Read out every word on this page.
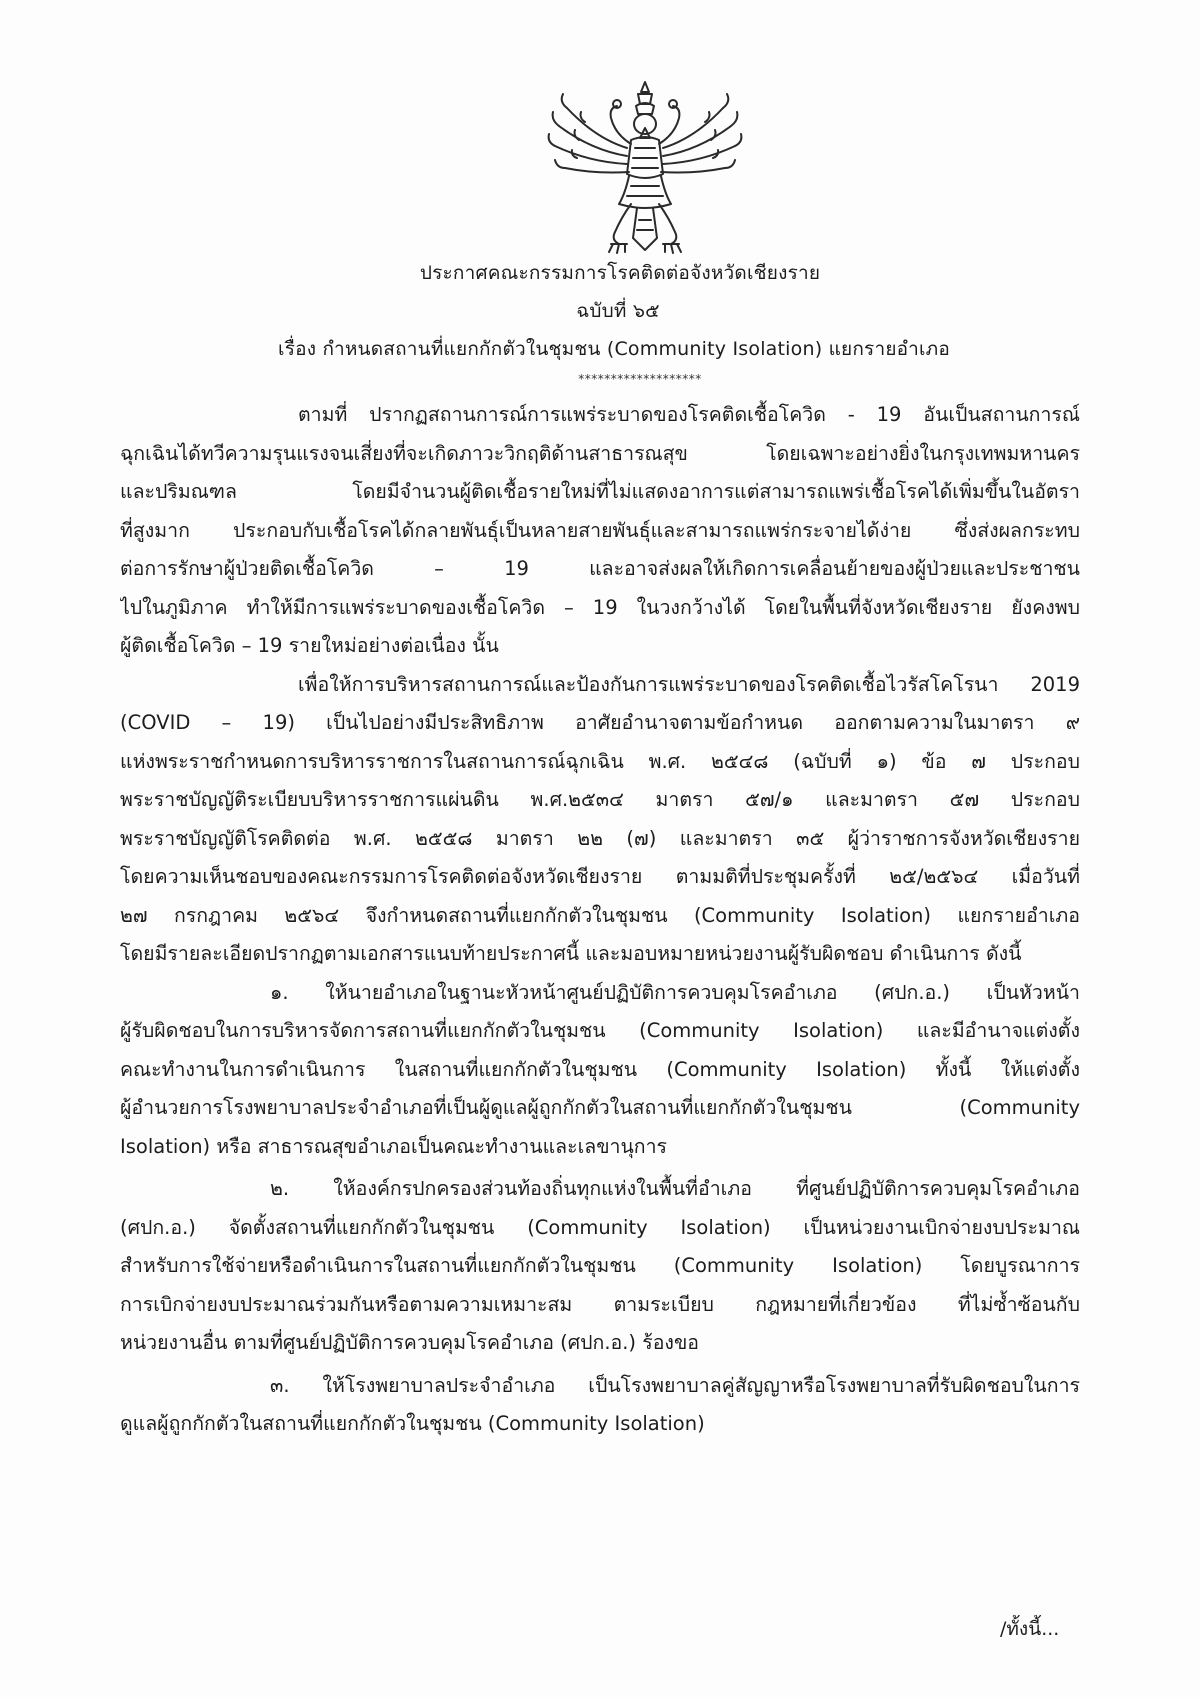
ประกาศคณะกรรมการโรคติดต่อจังหวัดเชียงราย
ฉบับที่ ๖๕
เรื่อง กำหนดสถานที่แยกกักตัวในชุมชน (Community Isolation) แยกรายอำเภอ
*******************
ตามที่ ปรากฏสถานการณ์การแพร่ระบาดของโรคติดเชื้อโควิด - 19 อันเป็นสถานการณ์
ฉุกเฉินได้ทวีความรุนแรงจนเสี่ยงที่จะเกิดภาวะวิกฤติด้านสาธารณสุข โดยเฉพาะอย่างยิ่งในกรุงเทพมหานคร
และปริมณฑล โดยมีจำนวนผู้ติดเชื้อรายใหม่ที่ไม่แสดงอาการแต่สามารถแพร่เชื้อโรคได้เพิ่มขึ้นในอัตรา
ที่สูงมาก ประกอบกับเชื้อโรคได้กลายพันธุ์เป็นหลายสายพันธุ์และสามารถแพร่กระจายได้ง่าย ซึ่งส่งผลกระทบ
ต่อการรักษาผู้ป่วยติดเชื้อโควิด – 19 และอาจส่งผลให้เกิดการเคลื่อนย้ายของผู้ป่วยและประชาชน
ไปในภูมิภาค ทำให้มีการแพร่ระบาดของเชื้อโควิด – 19 ในวงกว้างได้ โดยในพื้นที่จังหวัดเชียงราย ยังคงพบ
ผู้ติดเชื้อโควิด – 19 รายใหม่อย่างต่อเนื่อง นั้น
เพื่อให้การบริหารสถานการณ์และป้องกันการแพร่ระบาดของโรคติดเชื้อไวรัสโคโรนา 2019
(COVID – 19) เป็นไปอย่างมีประสิทธิภาพ อาศัยอำนาจตามข้อกำหนด ออกตามความในมาตรา ๙
แห่งพระราชกำหนดการบริหารราชการในสถานการณ์ฉุกเฉิน พ.ศ. ๒๕๔๘ (ฉบับที่ ๑) ข้อ ๗ ประกอบ
พระราชบัญญัติระเบียบบริหารราชการแผ่นดิน พ.ศ.๒๕๓๔ มาตรา ๕๗/๑ และมาตรา ๕๗ ประกอบ
พระราชบัญญัติโรคติดต่อ พ.ศ. ๒๕๕๘ มาตรา ๒๒ (๗) และมาตรา ๓๕ ผู้ว่าราชการจังหวัดเชียงราย
โดยความเห็นชอบของคณะกรรมการโรคติดต่อจังหวัดเชียงราย ตามมติที่ประชุมครั้งที่ ๒๕/๒๕๖๔ เมื่อวันที่
๒๗ กรกฎาคม ๒๕๖๔ จึงกำหนดสถานที่แยกกักตัวในชุมชน (Community Isolation) แยกรายอำเภอ
โดยมีรายละเอียดปรากฏตามเอกสารแนบท้ายประกาศนี้ และมอบหมายหน่วยงานผู้รับผิดชอบ ดำเนินการ ดังนี้
๑. ให้นายอำเภอในฐานะหัวหน้าศูนย์ปฏิบัติการควบคุมโรคอำเภอ (ศปก.อ.) เป็นหัวหน้า
ผู้รับผิดชอบในการบริหารจัดการสถานที่แยกกักตัวในชุมชน (Community Isolation) และมีอำนาจแต่งตั้ง
คณะทำงานในการดำเนินการ ในสถานที่แยกกักตัวในชุมชน (Community Isolation) ทั้งนี้ ให้แต่งตั้ง
ผู้อำนวยการโรงพยาบาลประจำอำเภอที่เป็นผู้ดูแลผู้ถูกกักตัวในสถานที่แยกกักตัวในชุมชน (Community
Isolation) หรือ สาธารณสุขอำเภอเป็นคณะทำงานและเลขานุการ
๒. ให้องค์กรปกครองส่วนท้องถิ่นทุกแห่งในพื้นที่อำเภอ ที่ศูนย์ปฏิบัติการควบคุมโรคอำเภอ
(ศปก.อ.) จัดตั้งสถานที่แยกกักตัวในชุมชน (Community Isolation) เป็นหน่วยงานเบิกจ่ายงบประมาณ
สำหรับการใช้จ่ายหรือดำเนินการในสถานที่แยกกักตัวในชุมชน (Community Isolation) โดยบูรณาการ
การเบิกจ่ายงบประมาณร่วมกันหรือตามความเหมาะสม ตามระเบียบ กฎหมายที่เกี่ยวข้อง ที่ไม่ซ้ำซ้อนกับ
หน่วยงานอื่น ตามที่ศูนย์ปฏิบัติการควบคุมโรคอำเภอ (ศปก.อ.) ร้องขอ
๓. ให้โรงพยาบาลประจำอำเภอ เป็นโรงพยาบาลคู่สัญญาหรือโรงพยาบาลที่รับผิดชอบในการ
ดูแลผู้ถูกกักตัวในสถานที่แยกกักตัวในชุมชน (Community Isolation)
/ทั้งนี้...
